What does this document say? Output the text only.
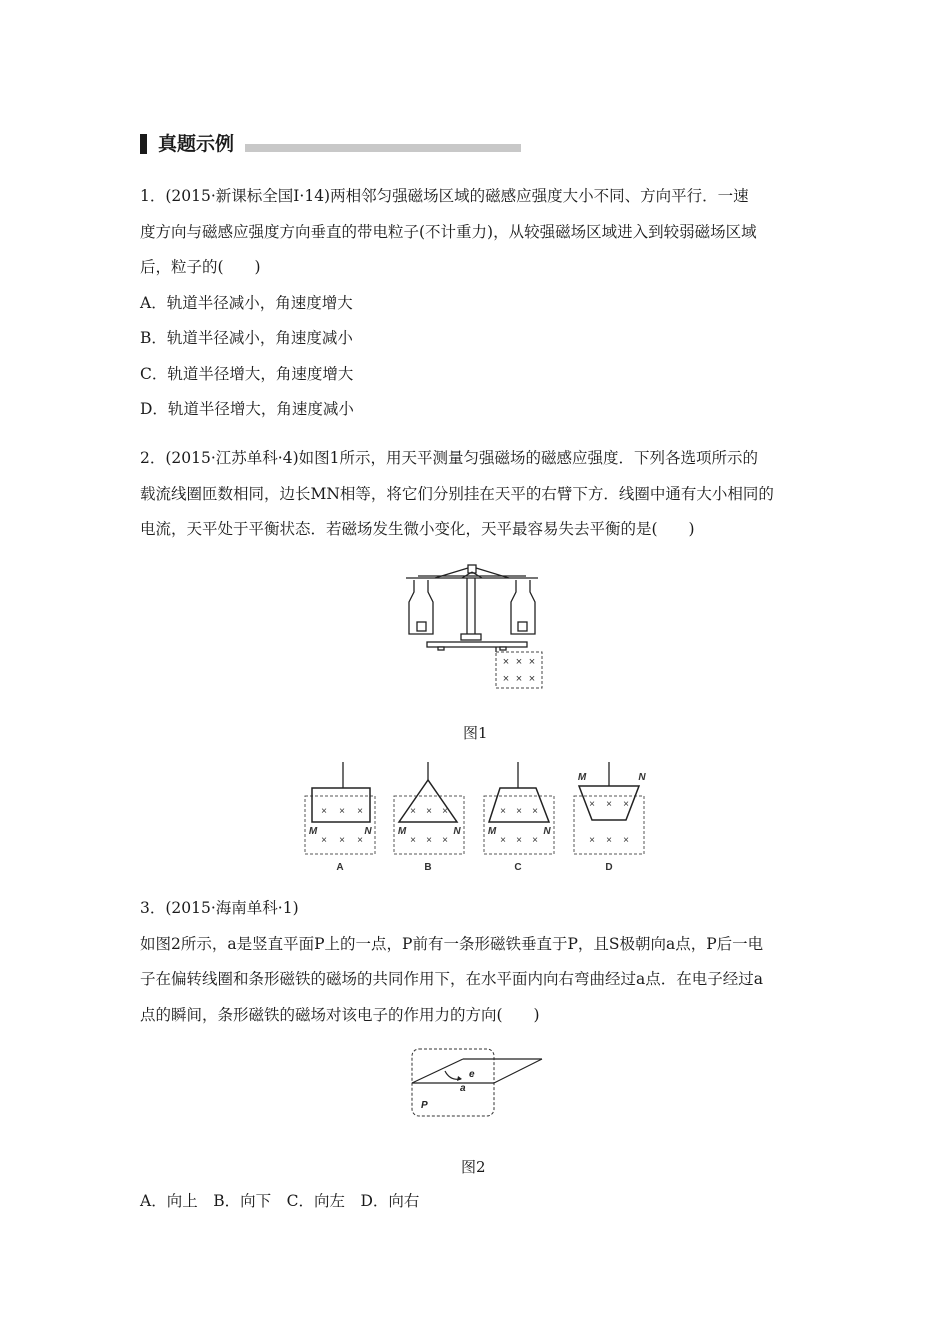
真题示例
1．(2015·新课标全国Ⅰ·14)两相邻匀强磁场区域的磁感应强度大小不同、方向平行．一速
度方向与磁感应强度方向垂直的带电粒子(不计重力)，从较强磁场区域进入到较弱磁场区域
后，粒子的(　　)
A．轨道半径减小，角速度增大
B．轨道半径减小，角速度减小
C．轨道半径增大，角速度增大
D．轨道半径增大，角速度减小
2．(2015·江苏单科·4)如图1所示，用天平测量匀强磁场的磁感应强度．下列各选项所示的
载流线圈匝数相同，边长MN相等，将它们分别挂在天平的右臂下方．线圈中通有大小相同的
电流，天平处于平衡状态．若磁场发生微小变化，天平最容易失去平衡的是(　　)
× × ×
× × ×
图1
× × ×
× × ×
M	N
A
× × ×
× × ×
M	N
B
× × ×
× × ×
M	N
C
× × ×
× × ×
M	N
D
3．(2015·海南单科·1)
如图2所示，a是竖直平面P上的一点，P前有一条形磁铁垂直于P，且S极朝向a点，P后一电
子在偏转线圈和条形磁铁的磁场的共同作用下，在水平面内向右弯曲经过a点．在电子经过a
点的瞬间，条形磁铁的磁场对该电子的作用力的方向(　　)
e
a
P
图2
A．向上　B．向下　C．向左　D．向右
